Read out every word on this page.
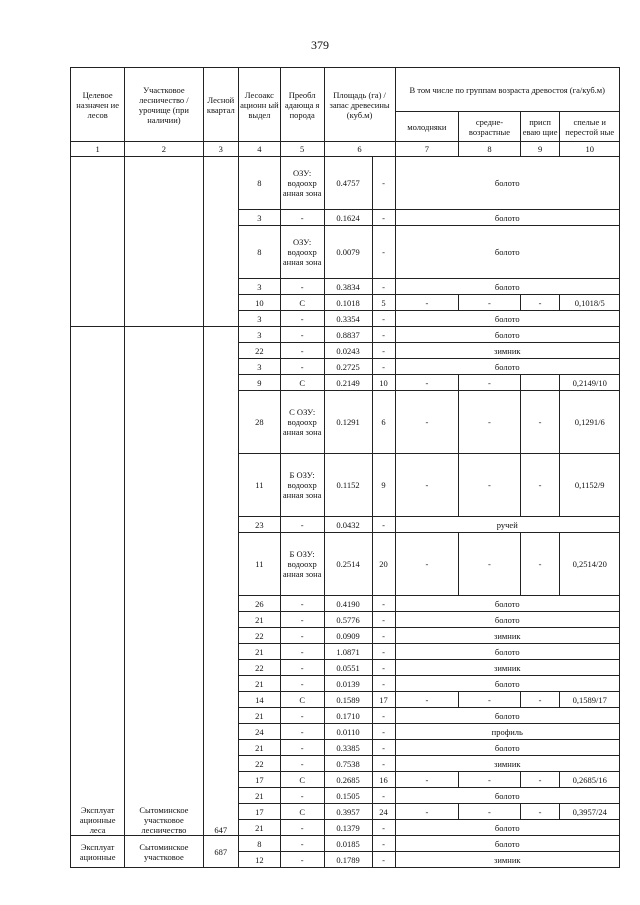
379
Целевое назначен ие лесов	Участковое лесничество /урочище (при наличии)	Лесной квартал	Лесоакс ационн ый выдел	Преобл адающа я порода	Площадь (га) /запас древесины (куб.м)		В том числе по группам возраста древостоя (га/куб.м)			
							молодняки	средне-возрастные	присп еваю щие	спелые и перестой ные
1	2	3	4	5	6		7	8	9	10
			8	ОЗУ: водоохр анная зона	0.4757	-	болото			
			3	-	0.1624	-	болото			
			8	ОЗУ: водоохр анная зона	0.0079	-	болото			
			3	-	0.3834	-	болото			
			10	С	0.1018	5	-	-	-	0,1018/5
			3	-	0.3354	-	болото			
Эксплуат ационные леса	Сытоминское участковое лесничество	647	3	-	0.8837	-	болото			
			22	-	0.0243	-	зимник			
			3	-	0.2725	-	болото			
			9	С	0.2149	10	-	-		0,2149/10
			28	С ОЗУ: водоохр анная зона	0.1291	6	-	-	-	0,1291/6
			11	Б ОЗУ: водоохр анная зона	0.1152	9	-	-	-	0,1152/9
			23	-	0.0432	-	ручей			
			11	Б ОЗУ: водоохр анная зона	0.2514	20	-	-	-	0,2514/20
			26	-	0.4190	-	болото			
			21	-	0.5776	-	болото			
			22	-	0.0909	-	зимник			
			21	-	1.0871	-	болото			
			22	-	0.0551	-	зимник			
			21	-	0.0139	-	болото			
			14	С	0.1589	17	-	-	-	0,1589/17
			21	-	0.1710	-	болото			
			24	-	0.0110	-	профиль			
			21	-	0.3385	-	болото			
			22	-	0.7538	-	зимник			
			17	С	0.2685	16	-	-	-	0,2685/16
			21	-	0.1505	-	болото			
			17	С	0.3957	24	-	-	-	0,3957/24
			21	-	0.1379	-	болото			
Эксплуат ационные	Сытоминское участковое	687	8	-	0.0185	-	болото			
			12	-	0.1789	-	зимник			
